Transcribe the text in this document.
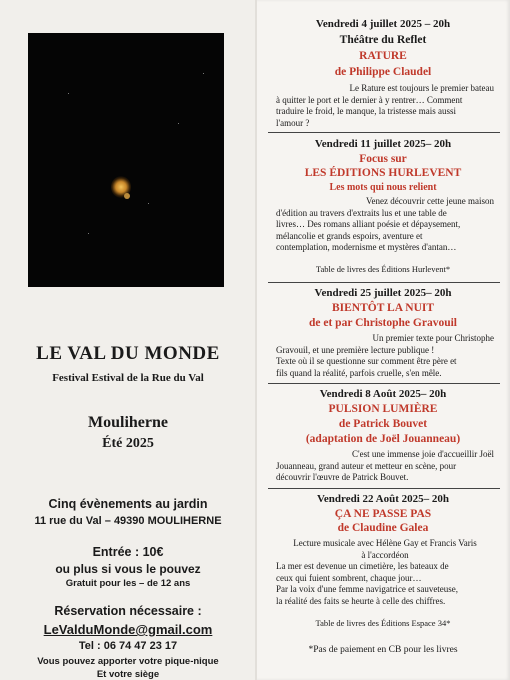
LE VAL DU MONDE
Festival Estival de la Rue du Val
Mouliherne
Été 2025
Cinq évènements au jardin
11 rue du Val – 49390 MOULIHERNE
Entrée : 10€
ou plus si vous le pouvez
Gratuit pour les – de 12 ans
Réservation nécessaire :
LeValduMonde@gmail.com
Tel : 06 74 47 23 17
Vous pouvez apporter votre pique-nique
Et votre siège
Vendredi 4 juillet 2025 – 20h
Théâtre du Reflet
RATURE
de Philippe Claudel
Le Rature est toujours le premier bateau
à quitter le port et le dernier à y rentrer… Comment
traduire le froid, le manque, la tristesse mais aussi
l'amour ?
Vendredi 11 juillet 2025– 20h
Focus sur
LES ÉDITIONS HURLEVENT
Les mots qui nous relient
Venez découvrir cette jeune maison
d'édition au travers d'extraits lus et une table de
livres… Des romans alliant poésie et dépaysement,
mélancolie et grands espoirs, aventure et
contemplation, modernisme et mystères d'antan…
Table de livres des Éditions Hurlevent*
Vendredi 25 juillet 2025– 20h
BIENTÔT LA NUIT
de et par Christophe Gravouil
Un premier texte pour Christophe
Gravouil, et une première lecture publique !
Texte où il se questionne sur comment être père et
fils quand la réalité, parfois cruelle, s'en mêle.
Vendredi 8 Août 2025– 20h
PULSION LUMIÈRE
de Patrick Bouvet
(adaptation de Joël Jouanneau)
C'est une immense joie d'accueillir Joël
Jouanneau, grand auteur et metteur en scène, pour
découvrir l'œuvre de Patrick Bouvet.
Vendredi 22 Août 2025– 20h
ÇA NE PASSE PAS
de Claudine Galea
Lecture musicale avec Hélène Gay et Francis Varis
à l'accordéon
La mer est devenue un cimetière, les bateaux de
ceux qui fuient sombrent, chaque jour…
Par la voix d'une femme navigatrice et sauveteuse,
la réalité des faits se heurte à celle des chiffres.
Table de livres des Éditions Espace 34*
*Pas de paiement en CB pour les livres
